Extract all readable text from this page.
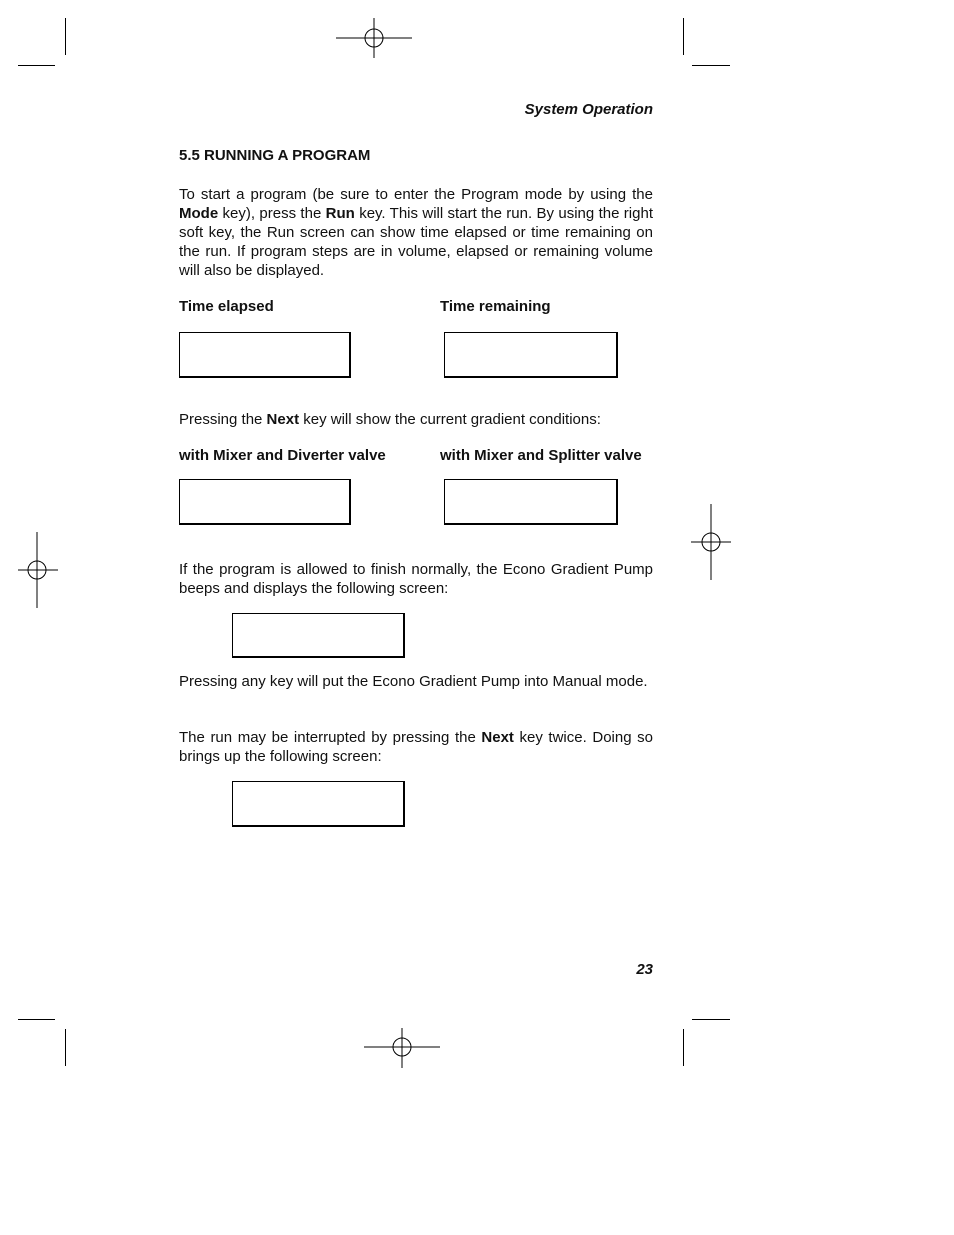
System Operation
5.5 RUNNING A PROGRAM
To start a program (be sure to enter the Program mode by using the Mode key), press the Run key. This will start the run. By using the right soft key, the Run screen can show time elapsed or time remaining on the run. If program steps are in volume, elapsed or remaining volume will also be displayed.
Time elapsed	Time remaining
Pressing the Next key will show the current gradient conditions:
with Mixer and Diverter valve	with Mixer and Splitter valve
If the program is allowed to finish normally, the Econo Gradient Pump beeps and displays the following screen:
Pressing any key will put the Econo Gradient Pump into Manual mode.
The run may be interrupted by pressing the Next key twice. Doing so brings up the following screen:
23
